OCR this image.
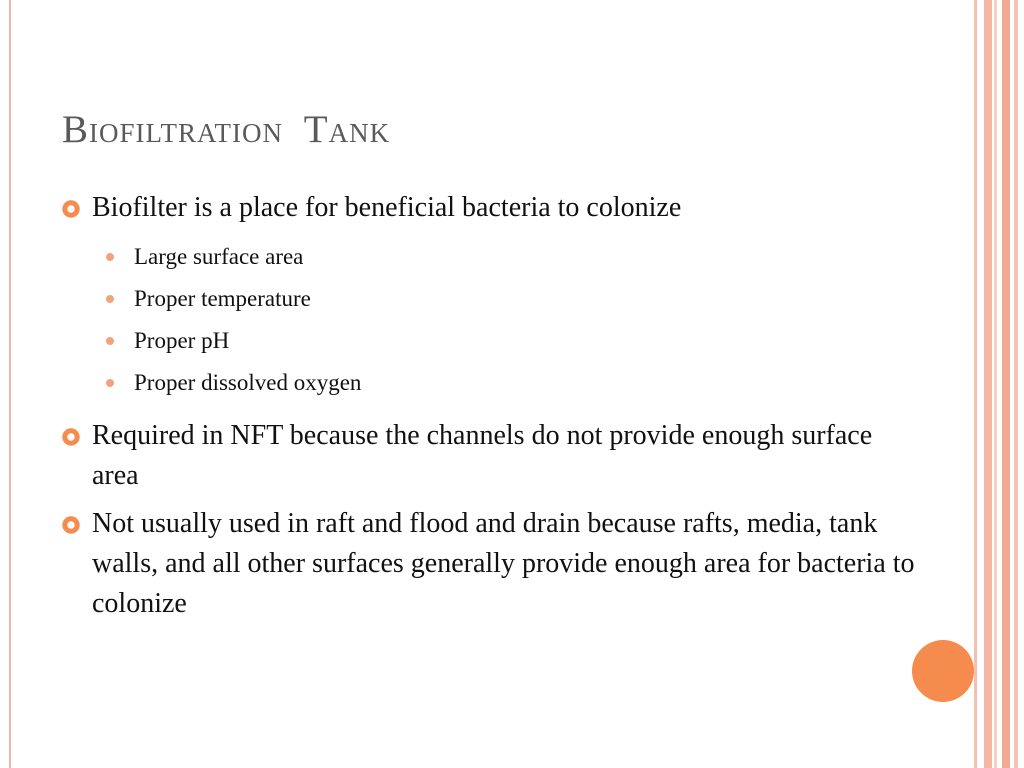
Biofiltration  Tank
Biofilter is a place for beneficial bacteria to colonize
Large surface area
Proper temperature
Proper pH
Proper dissolved oxygen
Required in NFT because the channels do not provide enough surface area
Not usually used in raft and flood and drain because rafts, media, tank walls, and all other surfaces generally provide enough area for bacteria to colonize
